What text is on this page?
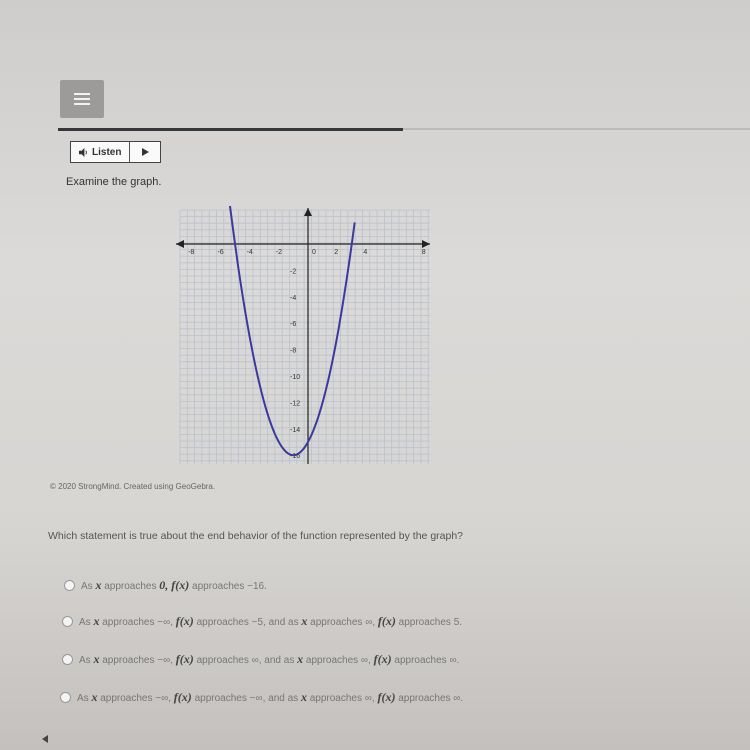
Listen
Examine the graph.
-8	-6	-4	-2	0	2	4	8
-2
-4
-6
-8
-10
-12
-14
-16
© 2020 StrongMind. Created using GeoGebra.
Which statement is true about the end behavior of the function represented by the graph?
As x approaches 0, f(x) approaches −16.
As x approaches −∞, f(x) approaches −5, and as x approaches ∞, f(x) approaches 5.
As x approaches −∞, f(x) approaches ∞, and as x approaches ∞, f(x) approaches ∞.
As x approaches −∞, f(x) approaches −∞, and as x approaches ∞, f(x) approaches ∞.
